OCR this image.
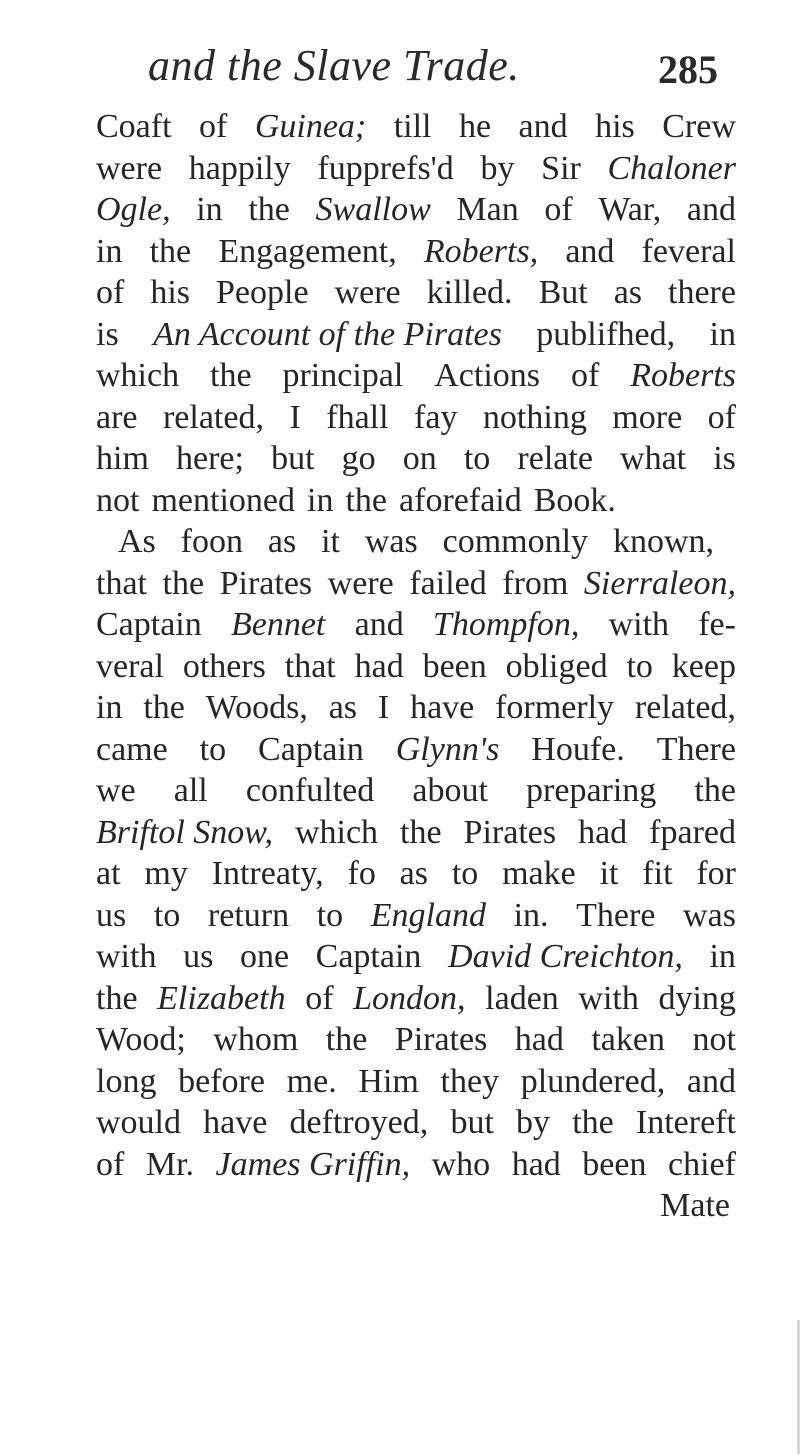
and the Slave Trade.	285
Coaft of Guinea; till he and his Crew
were happily fupprefs'd by Sir Chaloner
Ogle, in the Swallow Man of War, and
in the Engagement, Roberts, and feveral
of his People were killed. But as there
is An Account of the Pirates publifhed, in
which the principal Actions of Roberts
are related, I fhall fay nothing more of
him here; but go on to relate what is
not mentioned in the aforefaid Book.
As foon as it was commonly known,
that the Pirates were failed from Sierraleon,
Captain Bennet and Thompfon, with fe-
veral others that had been obliged to keep
in the Woods, as I have formerly related,
came to Captain Glynn's Houfe. There
we all confulted about preparing the
Briftol Snow, which the Pirates had fpared
at my Intreaty, fo as to make it fit for
us to return to England in. There was
with us one Captain David Creichton, in
the Elizabeth of London, laden with dying
Wood; whom the Pirates had taken not
long before me. Him they plundered, and
would have deftroyed, but by the Intereft
of Mr. James Griffin, who had been chief
Mate
